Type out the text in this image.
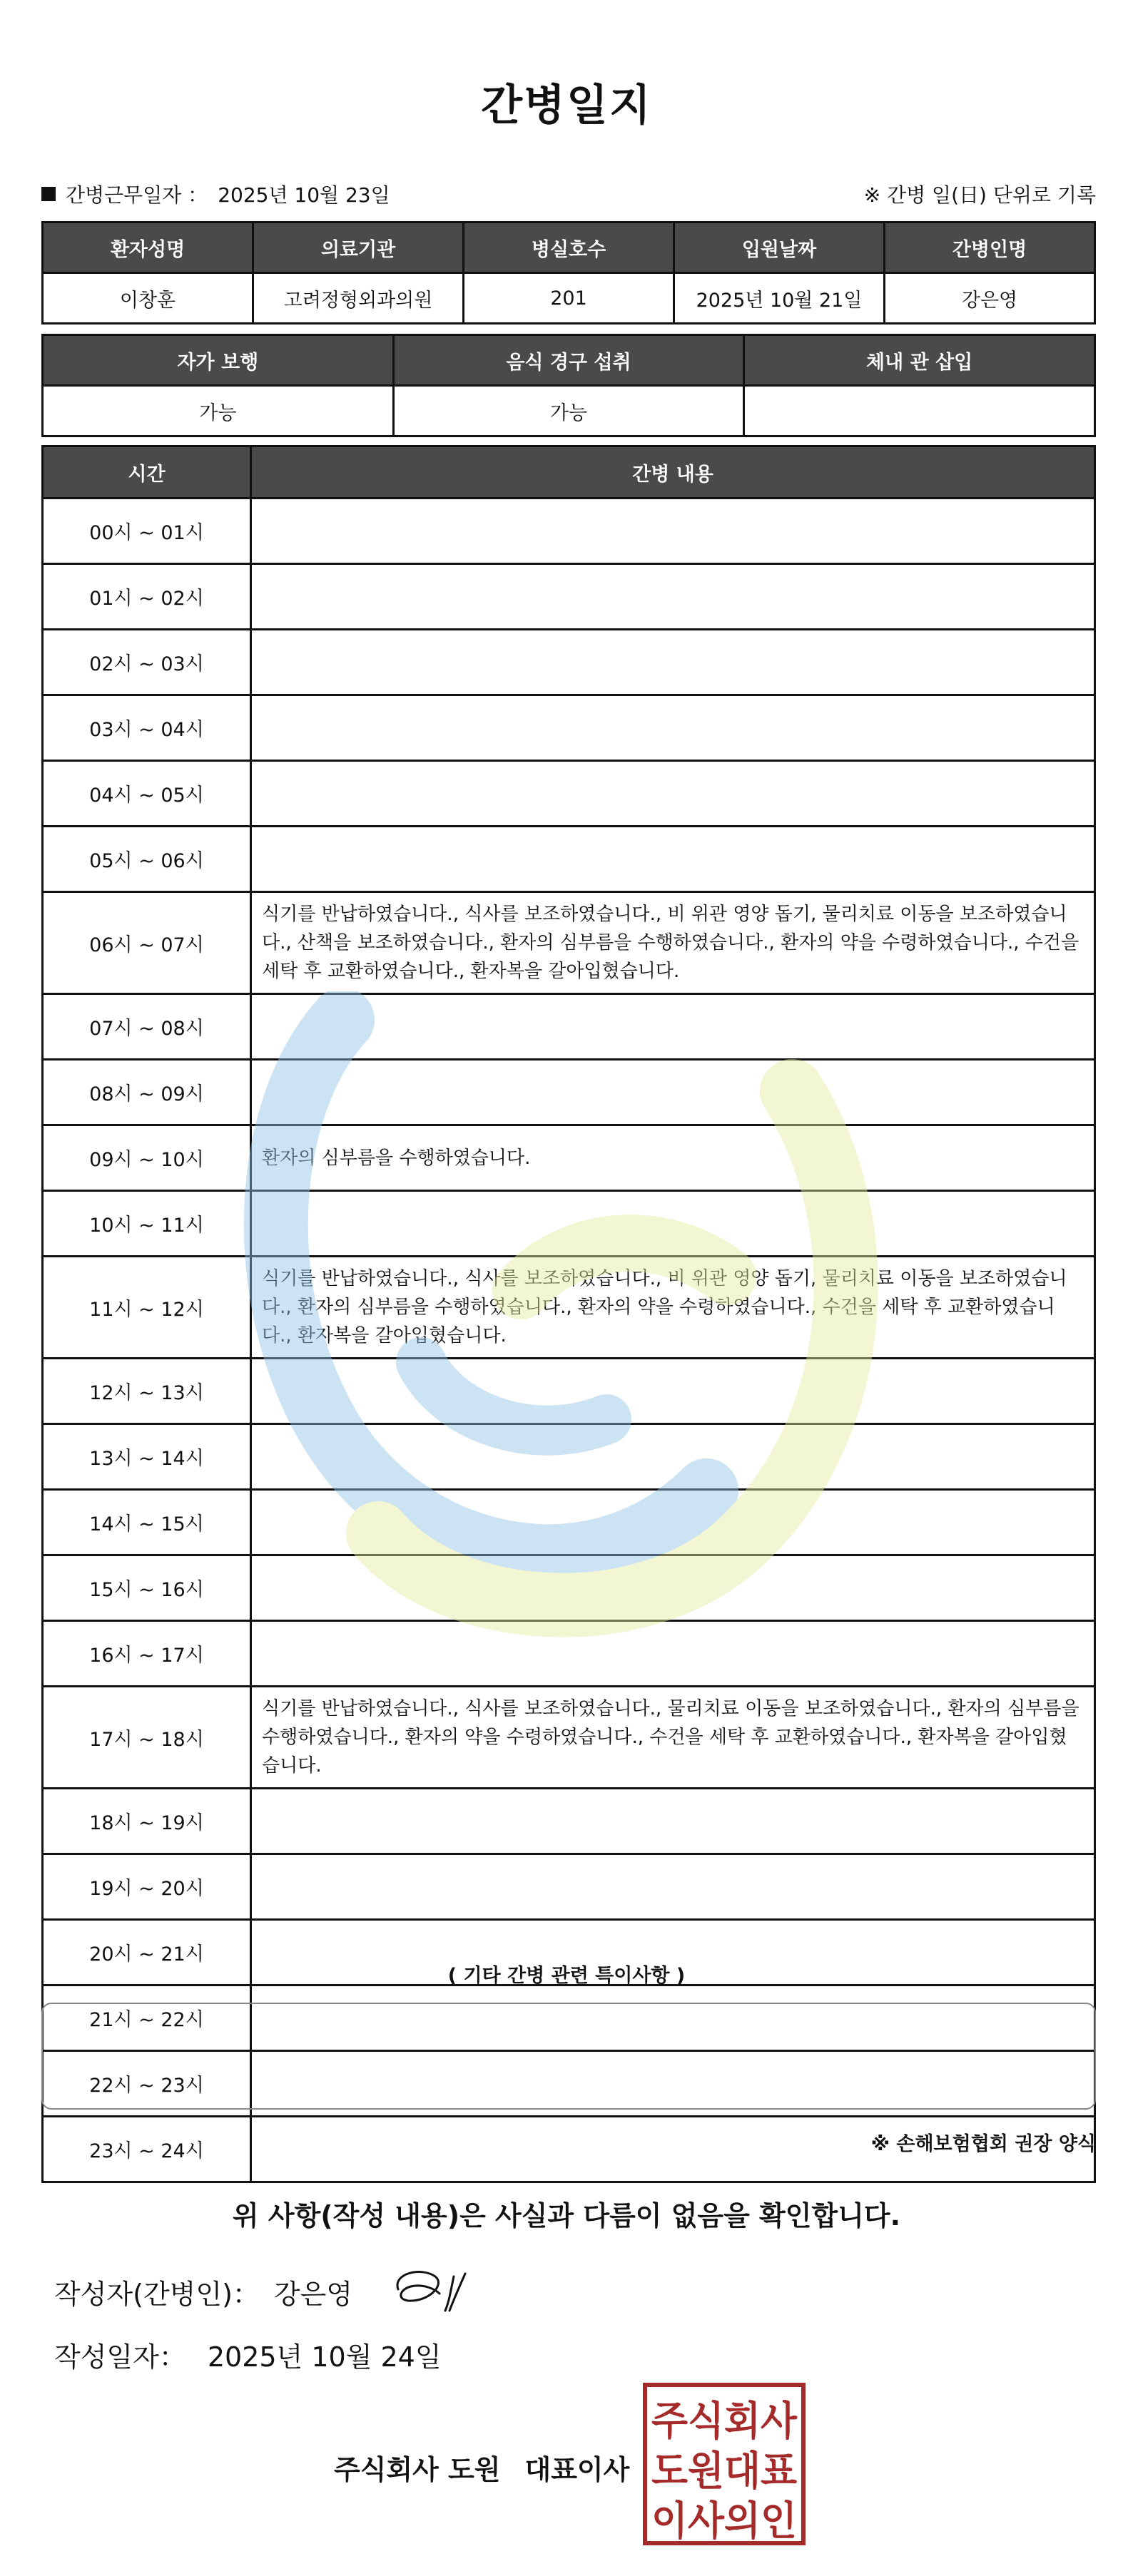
간병일지
간병근무일자 ： 2025년 10월 23일	※ 간병 일(日) 단위로 기록
환자성명	의료기관	병실호수	입원날짜	간병인명
이창훈	고려정형외과의원	201	2025년 10월 21일	강은영
자가 보행	음식 경구 섭취	체내 관 삽입
가능	가능	
시간	간병 내용
00시 ~ 01시	
01시 ~ 02시	
02시 ~ 03시	
03시 ~ 04시	
04시 ~ 05시	
05시 ~ 06시	
06시 ~ 07시	식기를 반납하였습니다., 식사를 보조하였습니다., 비 위관 영양 돕기, 물리치료 이동을 보조하였습니다., 산책을 보조하였습니다., 환자의 심부름을 수행하였습니다., 환자의 약을 수령하였습니다., 수건을 세탁 후 교환하였습니다., 환자복을 갈아입혔습니다.
07시 ~ 08시	
08시 ~ 09시	
09시 ~ 10시	환자의 심부름을 수행하였습니다.
10시 ~ 11시	
11시 ~ 12시	식기를 반납하였습니다., 식사를 보조하였습니다., 비 위관 영양 돕기, 물리치료 이동을 보조하였습니다., 환자의 심부름을 수행하였습니다., 환자의 약을 수령하였습니다., 수건을 세탁 후 교환하였습니다., 환자복을 갈아입혔습니다.
12시 ~ 13시	
13시 ~ 14시	
14시 ~ 15시	
15시 ~ 16시	
16시 ~ 17시	
17시 ~ 18시	식기를 반납하였습니다., 식사를 보조하였습니다., 물리치료 이동을 보조하였습니다., 환자의 심부름을 수행하였습니다., 환자의 약을 수령하였습니다., 수건을 세탁 후 교환하였습니다., 환자복을 갈아입혔습니다.
18시 ~ 19시	
19시 ~ 20시	
20시 ~ 21시	
21시 ~ 22시	
22시 ~ 23시	
23시 ~ 24시	
( 기타 간병 관련 특이사항 )
※ 손해보험협회 권장 양식
위 사항(작성 내용)은 사실과 다름이 없음을 확인합니다.
작성자(간병인)： 강은영
작성일자： 2025년 10월 24일
주식회사 도원 대표이사
주식회사
도원대표
이사의인
